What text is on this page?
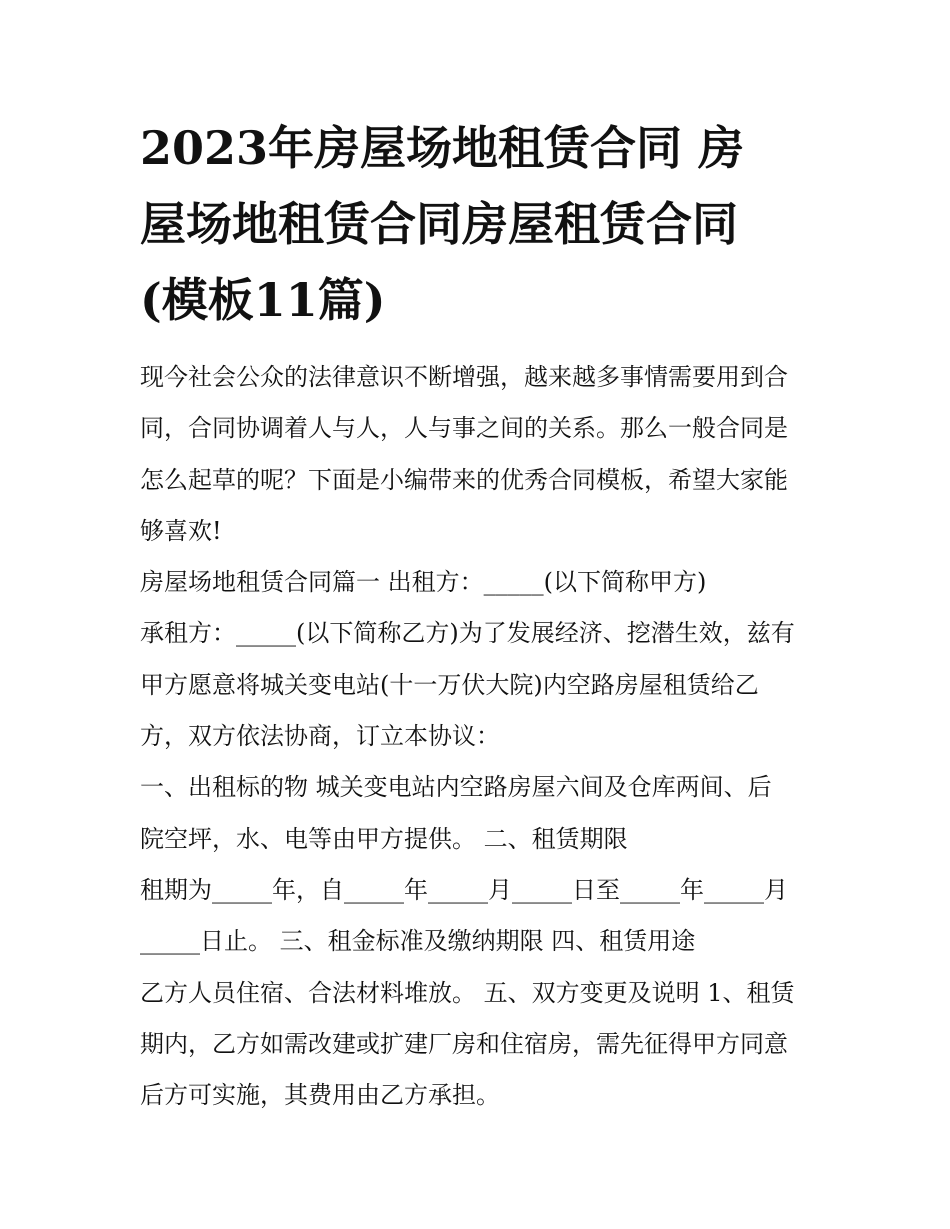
2023年房屋场地租赁合同 房
屋场地租赁合同房屋租赁合同
(模板11篇)
现今社会公众的法律意识不断增强，越来越多事情需要用到合
同，合同协调着人与人，人与事之间的关系。那么一般合同是
怎么起草的呢？下面是小编带来的优秀合同模板，希望大家能
够喜欢!
房屋场地租赁合同篇一 出租方：_____(以下简称甲方)
承租方：_____(以下简称乙方)为了发展经济、挖潜生效，兹有
甲方愿意将城关变电站(十一万伏大院)内空路房屋租赁给乙
方，双方依法协商，订立本协议：
一、出租标的物 城关变电站内空路房屋六间及仓库两间、后
院空坪，水、电等由甲方提供。 二、租赁期限
租期为_____年，自_____年_____月_____日至_____年_____月
_____日止。 三、租金标准及缴纳期限 四、租赁用途
乙方人员住宿、合法材料堆放。 五、双方变更及说明 1、租赁
期内，乙方如需改建或扩建厂房和住宿房，需先征得甲方同意
后方可实施，其费用由乙方承担。
